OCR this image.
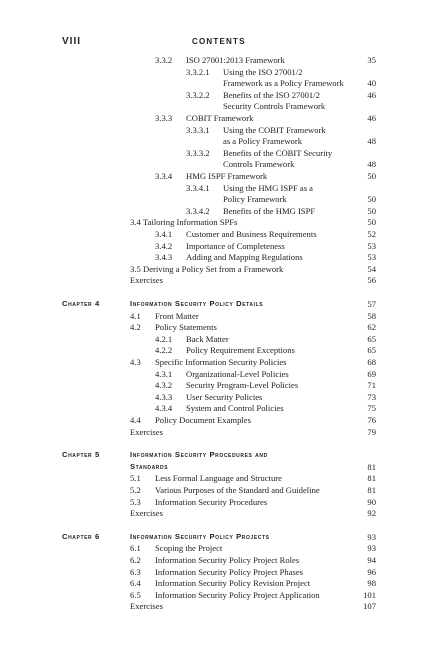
VIII	CONTENTS
3.3.2 ISO 27001:2013 Framework	35
3.3.2.1 Using the ISO 27001/2
Framework as a Policy Framework	40
3.3.2.2 Benefits of the ISO 27001/2	46
Security Controls Framework
3.3.3 COBIT Framework	46
3.3.3.1 Using the COBIT Framework
as a Policy Framework	48
3.3.3.2 Benefits of the COBIT Security
Controls Framework	48
3.3.4 HMG ISPF Framework	50
3.3.4.1 Using the HMG ISPF as a
Policy Framework	50
3.3.4.2 Benefits of the HMG ISPF	50
3.4 Tailoring Information SPFs	50
3.4.1 Customer and Business Requirements	52
3.4.2 Importance of Completeness	53
3.4.3 Adding and Mapping Regulations	53
3.5 Deriving a Policy Set from a Framework	54
Exercises	56
Chapter 4	Information Security Policy Details	57
4.1 Front Matter	58
4.2 Policy Statements	62
4.2.1 Back Matter	65
4.2.2 Policy Requirement Exceptions	65
4.3 Specific Information Security Policies	68
4.3.1 Organizational-Level Policies	69
4.3.2 Security Program-Level Policies	71
4.3.3 User Security Policies	73
4.3.4 System and Control Policies	75
4.4 Policy Document Examples	76
Exercises	79
Chapter 5	Information Security Procedures and
Standards	81
5.1 Less Formal Language and Structure	81
5.2 Various Purposes of the Standard and Guideline	81
5.3 Information Security Procedures	90
Exercises	92
Chapter 6	Information Security Policy Projects	93
6.1 Scoping the Project	93
6.2 Information Security Policy Project Roles	94
6.3 Information Security Policy Project Phases	96
6.4 Information Security Policy Revision Project	98
6.5 Information Security Policy Project Application	101
Exercises	107
